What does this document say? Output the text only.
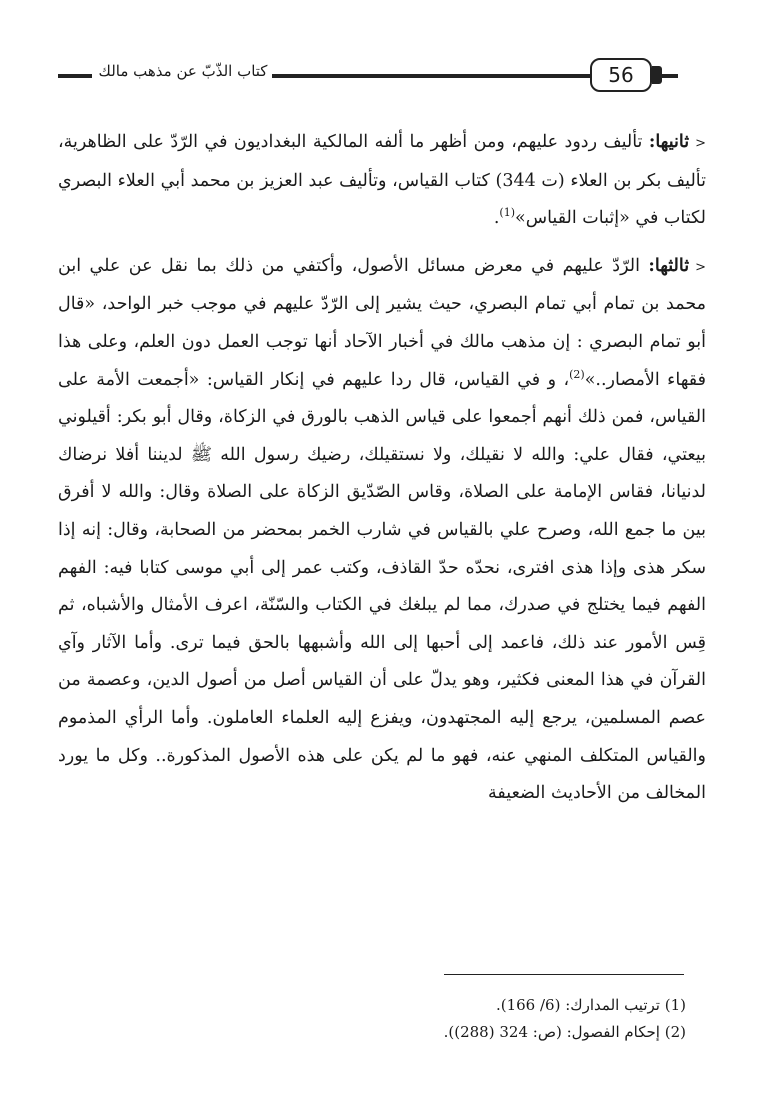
كتاب الذّبّ عن مذهب مالك	56

<ثانيها: تأليف ردود عليهم، ومن أظهر ما ألفه المالكية البغداديون في الرّدّ على الظاهرية، تأليف بكر بن العلاء (ت 344) كتاب القياس، وتأليف عبد العزيز بن محمد أبي العلاء البصري لكتاب في «إثبات القياس»$^{(1)}$.

<ثالثها: الرّدّ عليهم في معرض مسائل الأصول، وأكتفي من ذلك بما نقل عن علي ابن محمد بن تمام أبي تمام البصري، حيث يشير إلى الرّدّ عليهم في موجب خبر الواحد، «قال أبو تمام البصري : إن مذهب مالك في أخبار الآحاد أنها توجب العمل دون العلم، وعلى هذا فقهاء الأمصار..»$^{(2)}$، و في القياس، قال ردا عليهم في إنكار القياس: «أجمعت الأمة على القياس، فمن ذلك أنهم أجمعوا على قياس الذهب بالورق في الزكاة، وقال أبو بكر: أقيلوني بيعتي، فقال علي: والله لا نقيلك، ولا نستقيلك، رضيك رسول الله ﷺ لديننا أفلا نرضاك لدنيانا، فقاس الإمامة على الصلاة، وقاس الصّدّيق الزكاة على الصلاة وقال: والله لا أفرق بين ما جمع الله، وصرح علي بالقياس في شارب الخمر بمحضر من الصحابة، وقال: إنه إذا سكر هذى وإذا هذى افترى، نحدّه حدّ القاذف، وكتب عمر إلى أبي موسى كتابا فيه: الفهم الفهم فيما يختلج في صدرك، مما لم يبلغك في الكتاب والسّنّة، اعرف الأمثال والأشباه، ثم قِس الأمور عند ذلك، فاعمد إلى أحبها إلى الله وأشبهها بالحق فيما ترى. وأما الآثار وآي القرآن في هذا المعنى فكثير، وهو يدلّ على أن القياس أصل من أصول الدين، وعصمة من عصم المسلمين، يرجع إليه المجتهدون، ويفزع إليه العلماء العاملون. وأما الرأي المذموم والقياس المتكلف المنهي عنه، فهو ما لم يكن على هذه الأصول المذكورة.. وكل ما يورد المخالف من الأحاديث الضعيفة

(1) ترتيب المدارك: (6/ 166).
(2) إحكام الفصول: (ص: 324 (288)).
